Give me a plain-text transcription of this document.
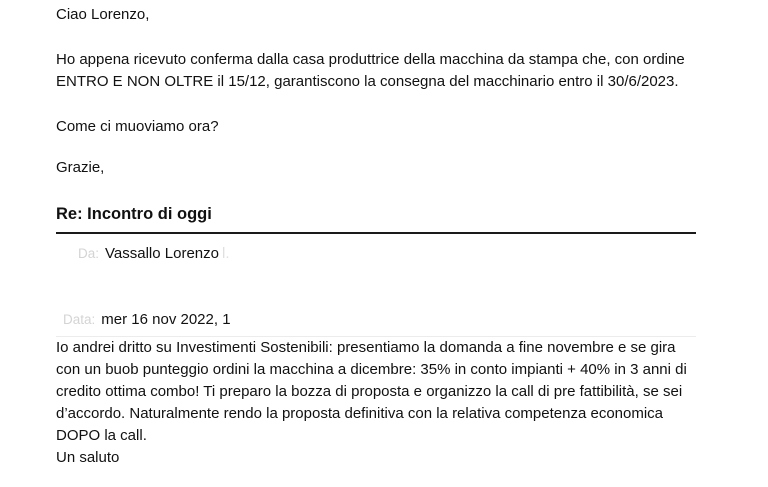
Ciao Lorenzo,

Ho appena ricevuto conferma dalla casa produttrice della macchina da stampa che, con ordine

ENTRO E NON OLTRE il 15/12, garantiscono la consegna del macchinario entro il 30/6/2023.

Come ci muoviamo ora?

Grazie,

Re: Incontro di oggi
Da: Vassallo Lorenzo l.
Data: mer 16 nov 2022, 1
Io andrei dritto su Investimenti Sostenibili: presentiamo la domanda a fine novembre e se gira
con un buob punteggio ordini la macchina a dicembre: 35% in conto impianti + 40% in 3 anni di
credito ottima combo! Ti preparo la bozza di proposta e organizzo la call di pre fattibilità, se sei
d’accordo. Naturalmente rendo la proposta definitiva con la relativa competenza economica
DOPO la call.
Un saluto
